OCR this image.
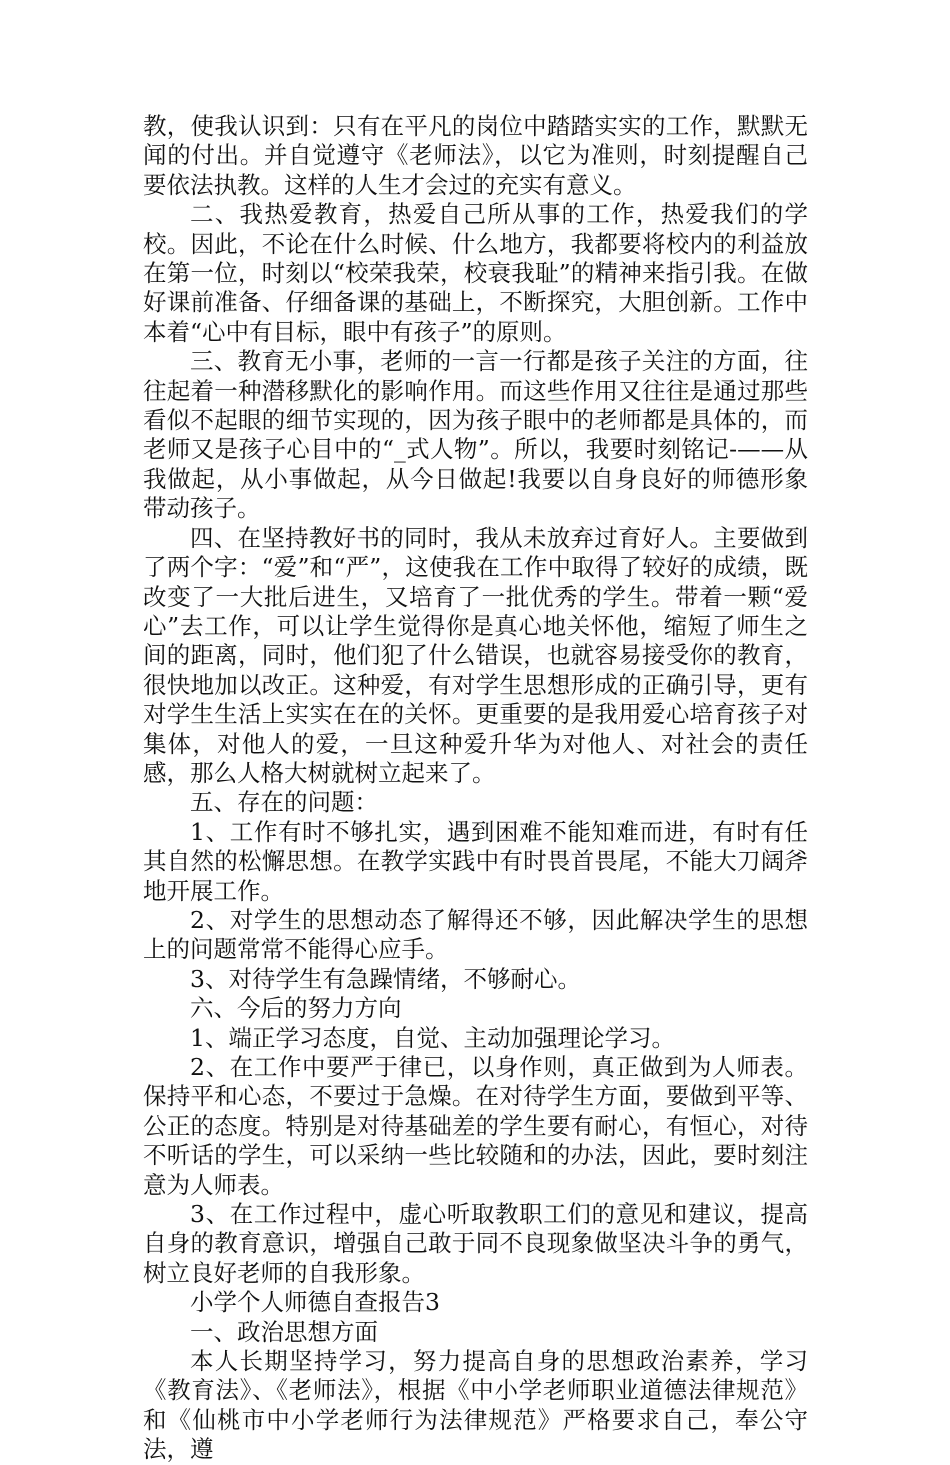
教，使我认识到：只有在平凡的岗位中踏踏实实的工作，默默无闻的付出。并自觉遵守《老师法》，以它为准则，时刻提醒自己要依法执教。这样的人生才会过的充实有意义。

二、我热爱教育，热爱自己所从事的工作，热爱我们的学校。因此，不论在什么时候、什么地方，我都要将校内的利益放在第一位，时刻以“校荣我荣，校衰我耻”的精神来指引我。在做好课前准备、仔细备课的基础上，不断探究，大胆创新。工作中本着“心中有目标，眼中有孩子”的原则。

三、教育无小事，老师的一言一行都是孩子关注的方面，往往起着一种潜移默化的影响作用。而这些作用又往往是通过那些看似不起眼的细节实现的，因为孩子眼中的老师都是具体的，而老师又是孩子心目中的“_式人物”。所以，我要时刻铭记-——从我做起，从小事做起，从今日做起!我要以自身良好的师德形象带动孩子。

四、在坚持教好书的同时，我从未放弃过育好人。主要做到了两个字：“爱”和“严”，这使我在工作中取得了较好的成绩，既改变了一大批后进生，又培育了一批优秀的学生。带着一颗“爱心”去工作，可以让学生觉得你是真心地关怀他，缩短了师生之间的距离，同时，他们犯了什么错误，也就容易接受你的教育，很快地加以改正。这种爱，有对学生思想形成的正确引导，更有对学生生活上实实在在的关怀。更重要的是我用爱心培育孩子对集体，对他人的爱，一旦这种爱升华为对他人、对社会的责任感，那么人格大树就树立起来了。

五、存在的问题：

1、工作有时不够扎实，遇到困难不能知难而进，有时有任其自然的松懈思想。在教学实践中有时畏首畏尾，不能大刀阔斧地开展工作。

2、对学生的思想动态了解得还不够，因此解决学生的思想上的问题常常不能得心应手。

3、对待学生有急躁情绪，不够耐心。

六、今后的努力方向

1、端正学习态度，自觉、主动加强理论学习。

2、在工作中要严于律已，以身作则，真正做到为人师表。保持平和心态，不要过于急燥。在对待学生方面，要做到平等、公正的态度。特别是对待基础差的学生要有耐心，有恒心，对待不听话的学生，可以采纳一些比较随和的办法，因此，要时刻注意为人师表。

3、在工作过程中，虚心听取教职工们的意见和建议，提高自身的教育意识，增强自己敢于同不良现象做坚决斗争的勇气，树立良好老师的自我形象。

小学个人师德自查报告3

一、政治思想方面

本人长期坚持学习，努力提高自身的思想政治素养，学习《教育法》、《老师法》，根据《中小学老师职业道德法律规范》和《仙桃市中小学老师行为法律规范》严格要求自己，奉公守法，遵
